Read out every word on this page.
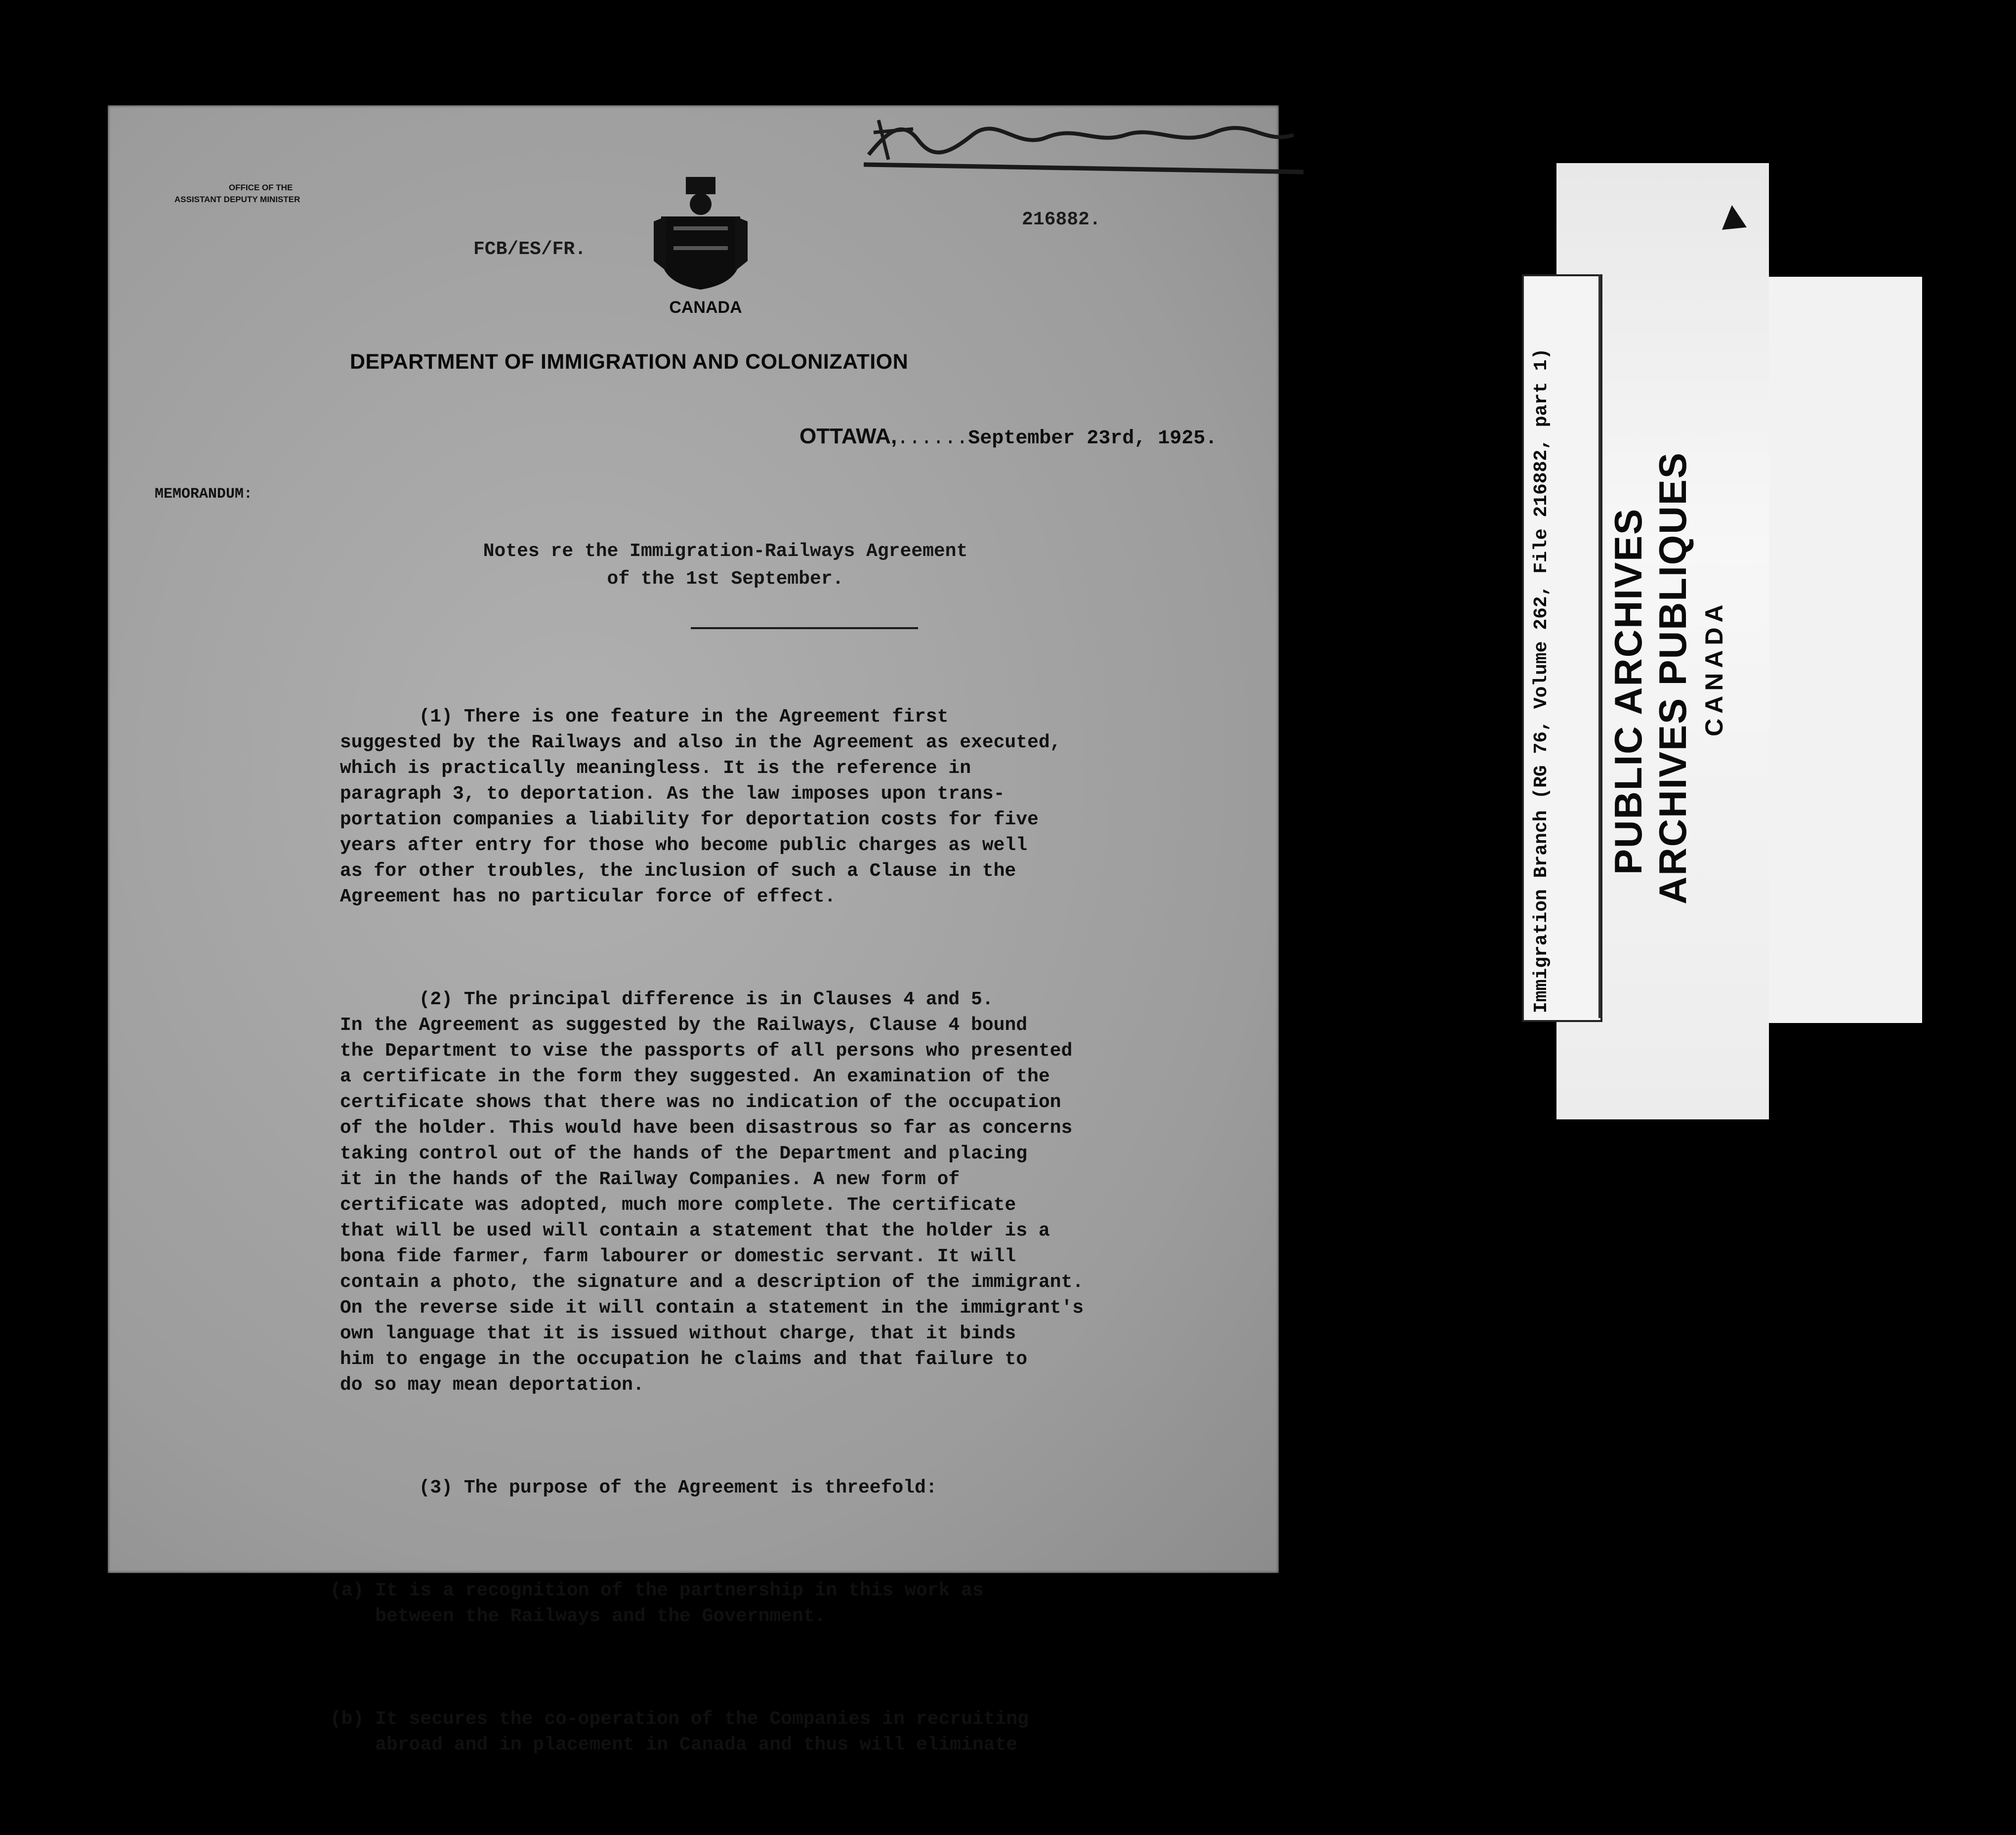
OFFICE OF THE
ASSISTANT DEPUTY MINISTER
FCB/ES/FR.
CANADA
216882.
DEPARTMENT OF IMMIGRATION AND COLONIZATION
OTTAWA,......September 23rd, 1925.
MEMORANDUM:
Notes re the Immigration-Railways Agreement
of the 1st September.

(1) There is one feature in the Agreement first
suggested by the Railways and also in the Agreement as executed,
which is practically meaningless. It is the reference in
paragraph 3, to deportation. As the law imposes upon trans-
portation companies a liability for deportation costs for five
years after entry for those who become public charges as well
as for other troubles, the inclusion of such a Clause in the
Agreement has no particular force of effect.

(2) The principal difference is in Clauses 4 and 5.
In the Agreement as suggested by the Railways, Clause 4 bound
the Department to vise the passports of all persons who presented
a certificate in the form they suggested. An examination of the
certificate shows that there was no indication of the occupation
of the holder. This would have been disastrous so far as concerns
taking control out of the hands of the Department and placing
it in the hands of the Railway Companies. A new form of
certificate was adopted, much more complete. The certificate
that will be used will contain a statement that the holder is a
bona fide farmer, farm labourer or domestic servant. It will
contain a photo, the signature and a description of the immigrant.
On the reverse side it will contain a statement in the immigrant's
own language that it is issued without charge, that it binds
him to engage in the occupation he claims and that failure to
do so may mean deportation.

(3) The purpose of the Agreement is threefold:

(a) It is a recognition of the partnership in this work as
between the Railways and the Government.

(b) It secures the co-operation of the Companies in recruiting
abroad and in placement in Canada and thus will eliminate

Immigration Branch (RG 76, Volume 262, File 216882, part 1) PUBLIC ARCHIVES ARCHIVES PUBLIQUES CANADA
